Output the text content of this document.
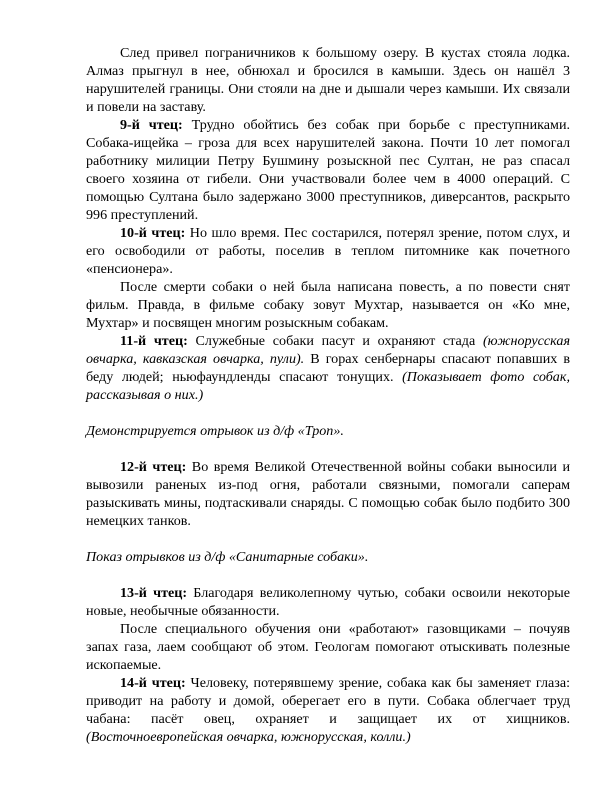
След привел пограничников к большому озеру. В кустах стояла лодка. Алмаз прыгнул в нее, обнюхал и бросился в камыши. Здесь он нашёл 3 нарушителей границы. Они стояли на дне и дышали через камыши. Их связали и повели на заставу.

9-й чтец: Трудно обойтись без собак при борьбе с преступниками. Собака-ищейка – гроза для всех нарушителей закона. Почти 10 лет помогал работнику милиции Петру Бушмину розыскной пес Султан, не раз спасал своего хозяина от гибели. Они участвовали более чем в 4000 операций. С помощью Султана было задержано 3000 преступников, диверсантов, раскрыто 996 преступлений.

10-й чтец: Но шло время. Пес состарился, потерял зрение, потом слух, и его освободили от работы, поселив в теплом питомнике как почетного «пенсионера».

После смерти собаки о ней была написана повесть, а по повести снят фильм. Правда, в фильме собаку зовут Мухтар, называется он «Ко мне, Мухтар» и посвящен многим розыскным собакам.

11-й чтец: Служебные собаки пасут и охраняют стада (южнорусская овчарка, кавказская овчарка, пули). В горах сенбернары спасают попавших в беду людей; ньюфаундленды спасают тонущих. (Показывает фото собак, рассказывая о них.)

Демонстрируется отрывок из д/ф «Троп».

12-й чтец: Во время Великой Отечественной войны собаки выносили и вывозили раненых из-под огня, работали связными, помогали саперам разыскивать мины, подтаскивали снаряды. С помощью собак было подбито 300 немецких танков.

Показ отрывков из д/ф «Санитарные собаки».

13-й чтец: Благодаря великолепному чутью, собаки освоили некоторые новые, необычные обязанности.

После специального обучения они «работают» газовщиками – почуяв запах газа, лаем сообщают об этом. Геологам помогают отыскивать полезные ископаемые.

14-й чтец: Человеку, потерявшему зрение, собака как бы заменяет глаза: приводит на работу и домой, оберегает его в пути. Собака облегчает труд чабана: пасёт овец, охраняет и защищает их от хищников. (Восточноевропейская овчарка, южнорусская, колли.)
